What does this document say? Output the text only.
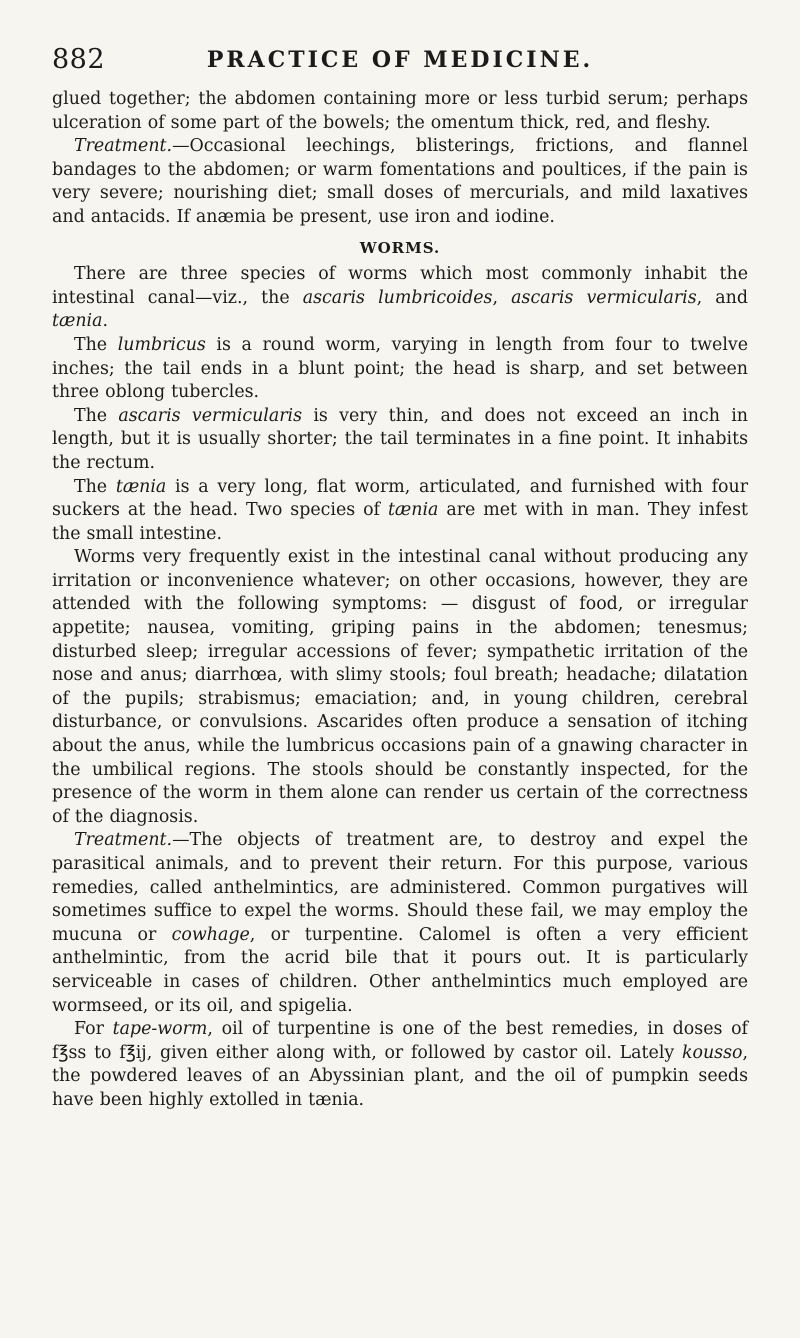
882	PRACTICE OF MEDICINE.

glued together; the abdomen containing more or less turbid serum; perhaps ulceration of some part of the bowels; the omentum thick, red, and fleshy.

Treatment.—Occasional leechings, blisterings, frictions, and flannel bandages to the abdomen; or warm fomentations and poultices, if the pain is very severe; nourishing diet; small doses of mercurials, and mild laxatives and antacids. If anæmia be present, use iron and iodine.

WORMS.

There are three species of worms which most commonly inhabit the intestinal canal—viz., the ascaris lumbricoides, ascaris vermicularis, and tænia.

The lumbricus is a round worm, varying in length from four to twelve inches; the tail ends in a blunt point; the head is sharp, and set between three oblong tubercles.

The ascaris vermicularis is very thin, and does not exceed an inch in length, but it is usually shorter; the tail terminates in a fine point. It inhabits the rectum.

The tænia is a very long, flat worm, articulated, and furnished with four suckers at the head. Two species of tænia are met with in man. They infest the small intestine.

Worms very frequently exist in the intestinal canal without producing any irritation or inconvenience whatever; on other occasions, however, they are attended with the following symptoms: — disgust of food, or irregular appetite; nausea, vomiting, griping pains in the abdomen; tenesmus; disturbed sleep; irregular accessions of fever; sympathetic irritation of the nose and anus; diarrhœa, with slimy stools; foul breath; headache; dilatation of the pupils; strabismus; emaciation; and, in young children, cerebral disturbance, or convulsions. Ascarides often produce a sensation of itching about the anus, while the lumbricus occasions pain of a gnawing character in the umbilical regions. The stools should be constantly inspected, for the presence of the worm in them alone can render us certain of the correctness of the diagnosis.

Treatment.—The objects of treatment are, to destroy and expel the parasitical animals, and to prevent their return. For this purpose, various remedies, called anthelmintics, are administered. Common purgatives will sometimes suffice to expel the worms. Should these fail, we may employ the mucuna or cowhage, or turpentine. Calomel is often a very efficient anthelmintic, from the acrid bile that it pours out. It is particularly serviceable in cases of children. Other anthelmintics much employed are wormseed, or its oil, and spigelia.

For tape-worm, oil of turpentine is one of the best remedies, in doses of f℥ss to f℥ij, given either along with, or followed by castor oil. Lately kousso, the powdered leaves of an Abyssinian plant, and the oil of pumpkin seeds have been highly extolled in tænia.
